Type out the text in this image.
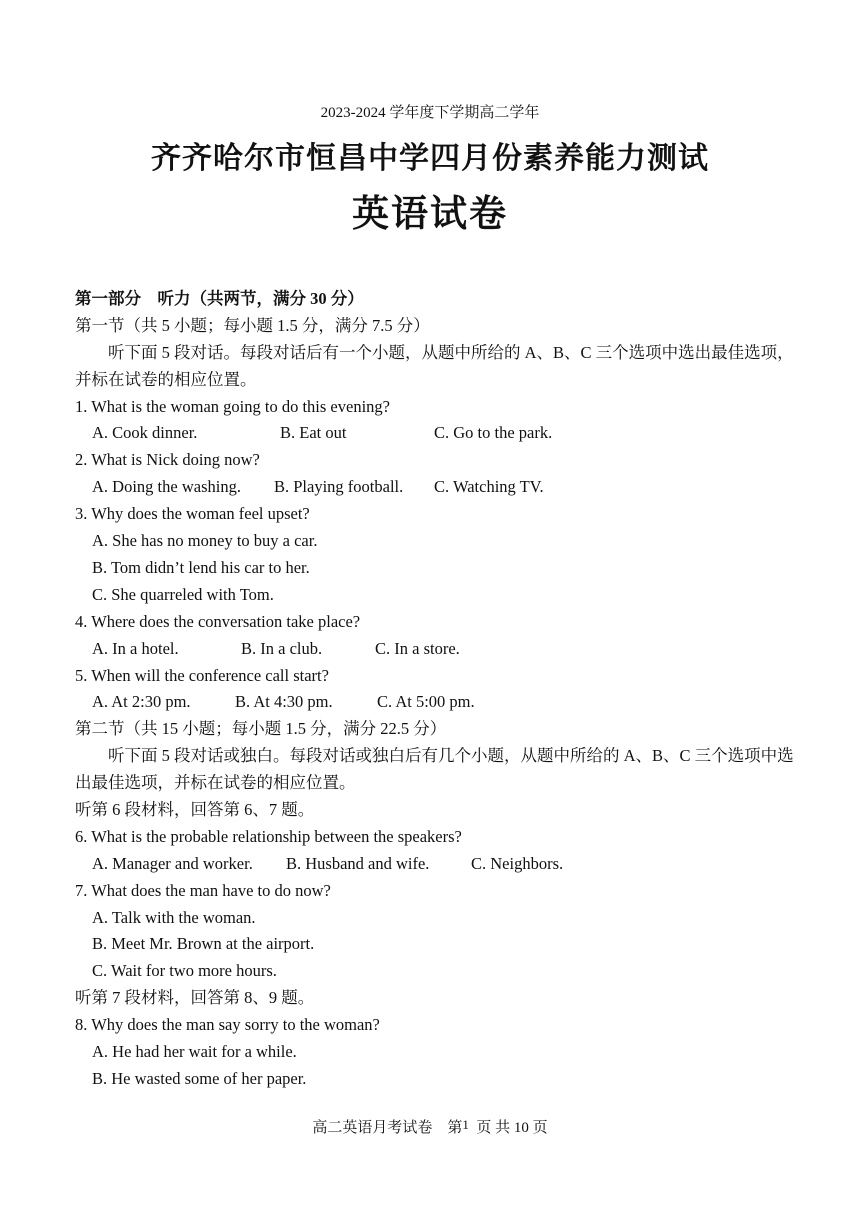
2023-2024 学年度下学期高二学年
齐齐哈尔市恒昌中学四月份素养能力测试
英语试卷
第一部分　听力（共两节，满分 30 分）
第一节（共 5 小题；每小题 1.5 分，满分 7.5 分）
听下面 5 段对话。每段对话后有一个小题，从题中所给的 A、B、C 三个选项中选出最佳选项，并标在试卷的相应位置。
1. What is the woman going to do this evening?
A. Cook dinner.	B. Eat out	C. Go to the park.
2. What is Nick doing now?
A. Doing the washing.	B. Playing football.	C. Watching TV.
3. Why does the woman feel upset?
A. She has no money to buy a car.
B. Tom didn’t lend his car to her.
C. She quarreled with Tom.
4. Where does the conversation take place?
A. In a hotel.	B. In a club.	C. In a store.
5. When will the conference call start?
A. At 2:30 pm.	B. At 4:30 pm.	C. At 5:00 pm.
第二节（共 15 小题；每小题 1.5 分，满分 22.5 分）
听下面 5 段对话或独白。每段对话或独白后有几个小题，从题中所给的 A、B、C 三个选项中选出最佳选项，并标在试卷的相应位置。
听第 6 段材料，回答第 6、7 题。
6. What is the probable relationship between the speakers?
A. Manager and worker.	B. Husband and wife.	C. Neighbors.
7. What does the man have to do now?
A. Talk with the woman.
B. Meet Mr. Brown at the airport.
C. Wait for two more hours.
听第 7 段材料，回答第 8、9 题。
8. Why does the man say sorry to the woman?
A. He had her wait for a while.
B. He wasted some of her paper.
高二英语月考试卷　第$^1$ 页 共 10 页
